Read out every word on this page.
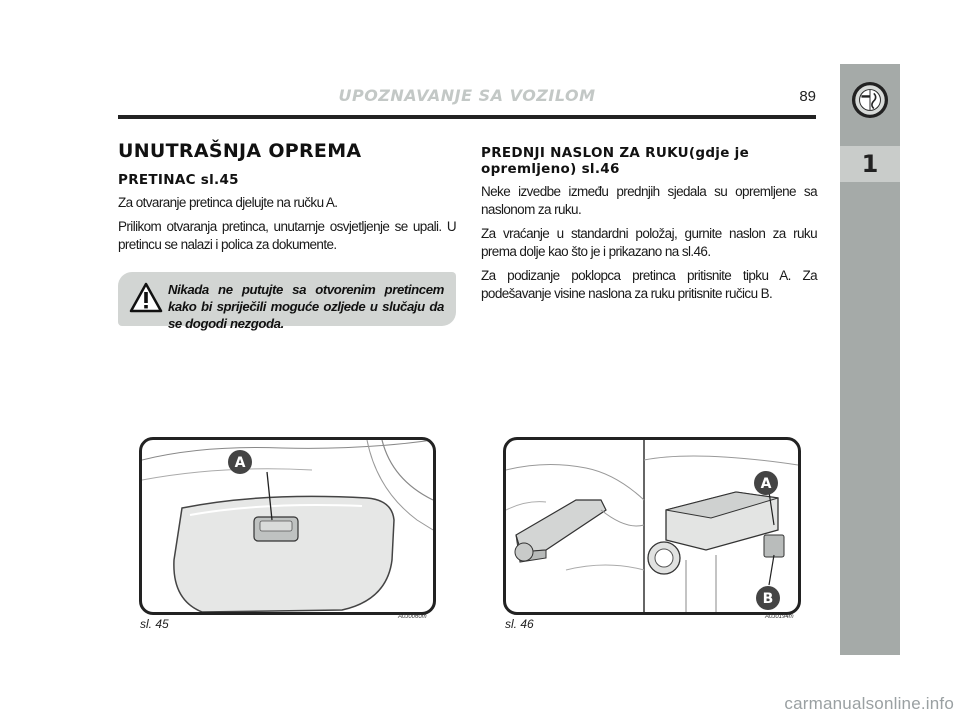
1
UPOZNAVANJE SA VOZILOM	89
UNUTRAŠNJA OPREMA
PRETINAC sl.45

Za otvaranje pretinca djelujte na ručku A.

Prilikom otvaranja pretinca, unutarnje osvjetljenje se upali. U pretincu se nalazi i polica za dokumente.

Nikada ne putujte sa otvorenim pretincem kako bi spriječili moguće ozljede u slučaju da se dogodi nezgoda.
PREDNJI NASLON ZA RUKU(gdje je opremljeno) sl.46

Neke izvedbe između prednjih sjedala su opremljene sa naslonom za ruku.

Za vraćanje u standardni položaj, gurnite naslon za ruku prema dolje kao što je i prikazano na sl.46.

Za podizanje poklopca pretinca pritisnite tipku A. Za podešavanje visine naslona za ruku pritisnite ručicu B.

A
sl. 45	A0J0060m
A
B
sl. 46	A0J0194m
carmanualsonline.info
